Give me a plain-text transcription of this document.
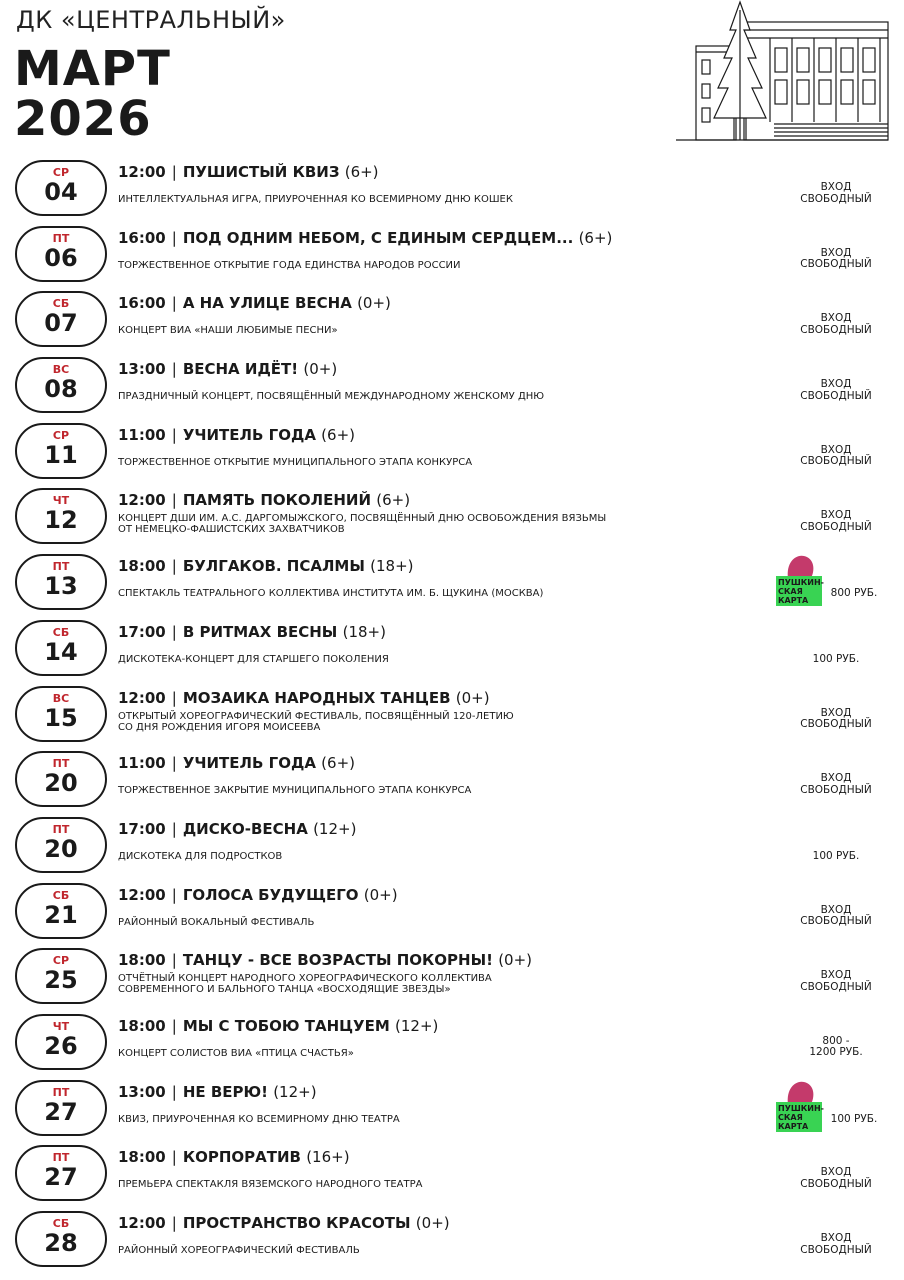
ДК «ЦЕНТРАЛЬНЫЙ»
МАРТ
2026
СР
04
12:00 | ПУШИСТЫЙ КВИЗ (6+)
ИНТЕЛЛЕКТУАЛЬНАЯ ИГРА, ПРИУРОЧЕННАЯ КО ВСЕМИРНОМУ ДНЮ КОШЕК
ВХОД
СВОБОДНЫЙ
ПТ
06
16:00 | ПОД ОДНИМ НЕБОМ, С ЕДИНЫМ СЕРДЦЕМ... (6+)
ТОРЖЕСТВЕННОЕ ОТКРЫТИЕ ГОДА ЕДИНСТВА НАРОДОВ РОССИИ
ВХОД
СВОБОДНЫЙ
СБ
07
16:00 | А НА УЛИЦЕ ВЕСНА (0+)
КОНЦЕРТ ВИА «НАШИ ЛЮБИМЫЕ ПЕСНИ»
ВХОД
СВОБОДНЫЙ
ВС
08
13:00 | ВЕСНА ИДЁТ! (0+)
ПРАЗДНИЧНЫЙ КОНЦЕРТ, ПОСВЯЩЁННЫЙ МЕЖДУНАРОДНОМУ ЖЕНСКОМУ ДНЮ
ВХОД
СВОБОДНЫЙ
СР
11
11:00 | УЧИТЕЛЬ ГОДА (6+)
ТОРЖЕСТВЕННОЕ ОТКРЫТИЕ МУНИЦИПАЛЬНОГО ЭТАПА КОНКУРСА
ВХОД
СВОБОДНЫЙ
ЧТ
12
12:00 | ПАМЯТЬ ПОКОЛЕНИЙ (6+)
КОНЦЕРТ ДШИ ИМ. А.С. ДАРГОМЫЖСКОГО, ПОСВЯЩЁННЫЙ ДНЮ ОСВОБОЖДЕНИЯ ВЯЗЬМЫ
ОТ НЕМЕЦКО-ФАШИСТСКИХ ЗАХВАТЧИКОВ
ВХОД
СВОБОДНЫЙ
ПТ
13
18:00 | БУЛГАКОВ. ПСАЛМЫ (18+)
СПЕКТАКЛЬ ТЕАТРАЛЬНОГО КОЛЛЕКТИВА ИНСТИТУТА ИМ. Б. ЩУКИНА (МОСКВА)
ПУШКИН-
СКАЯ
КАРТА
800 РУБ.
СБ
14
17:00 | В РИТМАХ ВЕСНЫ (18+)
ДИСКОТЕКА-КОНЦЕРТ ДЛЯ СТАРШЕГО ПОКОЛЕНИЯ	100 РУБ.
ВС
15
12:00 | МОЗАИКА НАРОДНЫХ ТАНЦЕВ (0+)
ОТКРЫТЫЙ ХОРЕОГРАФИЧЕСКИЙ ФЕСТИВАЛЬ, ПОСВЯЩЁННЫЙ 120-ЛЕТИЮ
СО ДНЯ РОЖДЕНИЯ ИГОРЯ МОИСЕЕВА
ВХОД
СВОБОДНЫЙ
ПТ
20
11:00 | УЧИТЕЛЬ ГОДА (6+)
ТОРЖЕСТВЕННОЕ ЗАКРЫТИЕ МУНИЦИПАЛЬНОГО ЭТАПА КОНКУРСА
ВХОД
СВОБОДНЫЙ
ПТ
20
17:00 | ДИСКО-ВЕСНА (12+)
ДИСКОТЕКА ДЛЯ ПОДРОСТКОВ	100 РУБ.
СБ
21
12:00 | ГОЛОСА БУДУЩЕГО (0+)
РАЙОННЫЙ ВОКАЛЬНЫЙ ФЕСТИВАЛЬ
ВХОД
СВОБОДНЫЙ
СР
25
18:00 | ТАНЦУ - ВСЕ ВОЗРАСТЫ ПОКОРНЫ! (0+)
ОТЧЁТНЫЙ КОНЦЕРТ НАРОДНОГО ХОРЕОГРАФИЧЕСКОГО КОЛЛЕКТИВА
СОВРЕМЕННОГО И БАЛЬНОГО ТАНЦА «ВОСХОДЯЩИЕ ЗВЕЗДЫ»
ВХОД
СВОБОДНЫЙ
ЧТ
26
18:00 | МЫ С ТОБОЮ ТАНЦУЕМ (12+)
КОНЦЕРТ СОЛИСТОВ ВИА «ПТИЦА СЧАСТЬЯ»
800 -
1200 РУБ.
ПТ
27
13:00 | НЕ ВЕРЮ! (12+)
КВИЗ, ПРИУРОЧЕННАЯ КО ВСЕМИРНОМУ ДНЮ ТЕАТРА
ПУШКИН-
СКАЯ
КАРТА
100 РУБ.
ПТ
27
18:00 | КОРПОРАТИВ (16+)
ПРЕМЬЕРА СПЕКТАКЛЯ ВЯЗЕМСКОГО НАРОДНОГО ТЕАТРА
ВХОД
СВОБОДНЫЙ
СБ
28
12:00 | ПРОСТРАНСТВО КРАСОТЫ (0+)
РАЙОННЫЙ ХОРЕОГРАФИЧЕСКИЙ ФЕСТИВАЛЬ
ВХОД
СВОБОДНЫЙ
